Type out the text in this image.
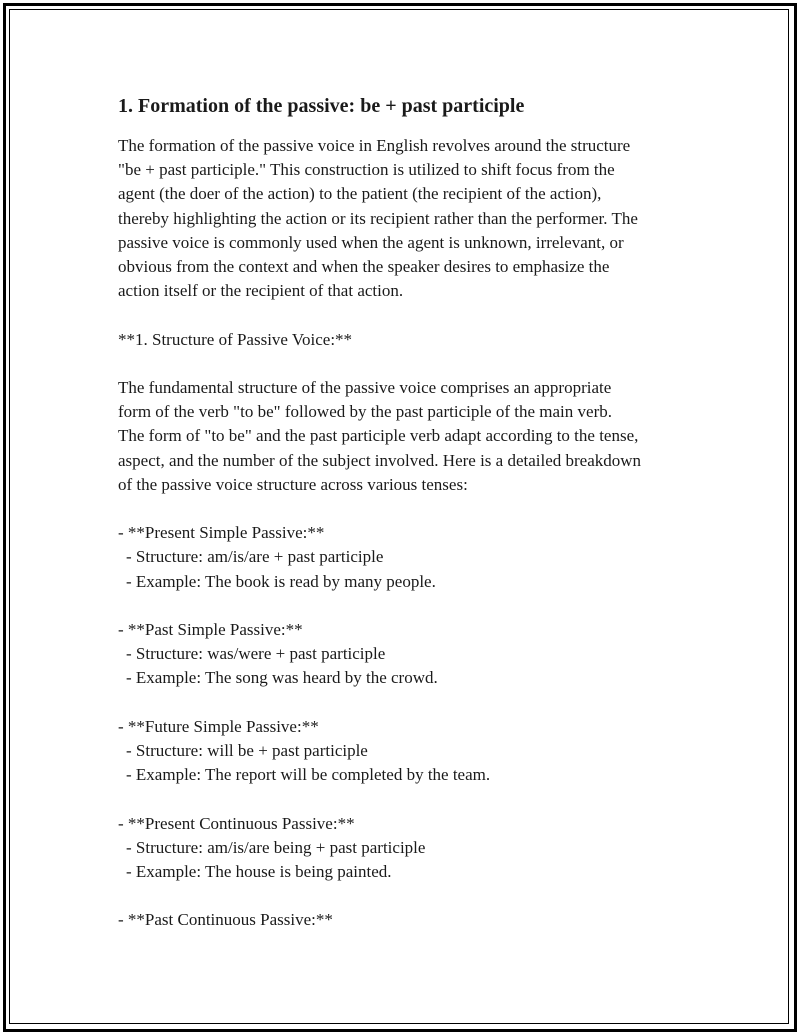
1. Formation of the passive: be + past participle
The formation of the passive voice in English revolves around the structure
"be + past participle." This construction is utilized to shift focus from the
agent (the doer of the action) to the patient (the recipient of the action),
thereby highlighting the action or its recipient rather than the performer. The
passive voice is commonly used when the agent is unknown, irrelevant, or
obvious from the context and when the speaker desires to emphasize the
action itself or the recipient of that action.
**1. Structure of Passive Voice:**
The fundamental structure of the passive voice comprises an appropriate
form of the verb "to be" followed by the past participle of the main verb.
The form of "to be" and the past participle verb adapt according to the tense,
aspect, and the number of the subject involved. Here is a detailed breakdown
of the passive voice structure across various tenses:
- **Present Simple Passive:**
- Structure: am/is/are + past participle
- Example: The book is read by many people.
- **Past Simple Passive:**
- Structure: was/were + past participle
- Example: The song was heard by the crowd.
- **Future Simple Passive:**
- Structure: will be + past participle
- Example: The report will be completed by the team.
- **Present Continuous Passive:**
- Structure: am/is/are being + past participle
- Example: The house is being painted.
- **Past Continuous Passive:**
